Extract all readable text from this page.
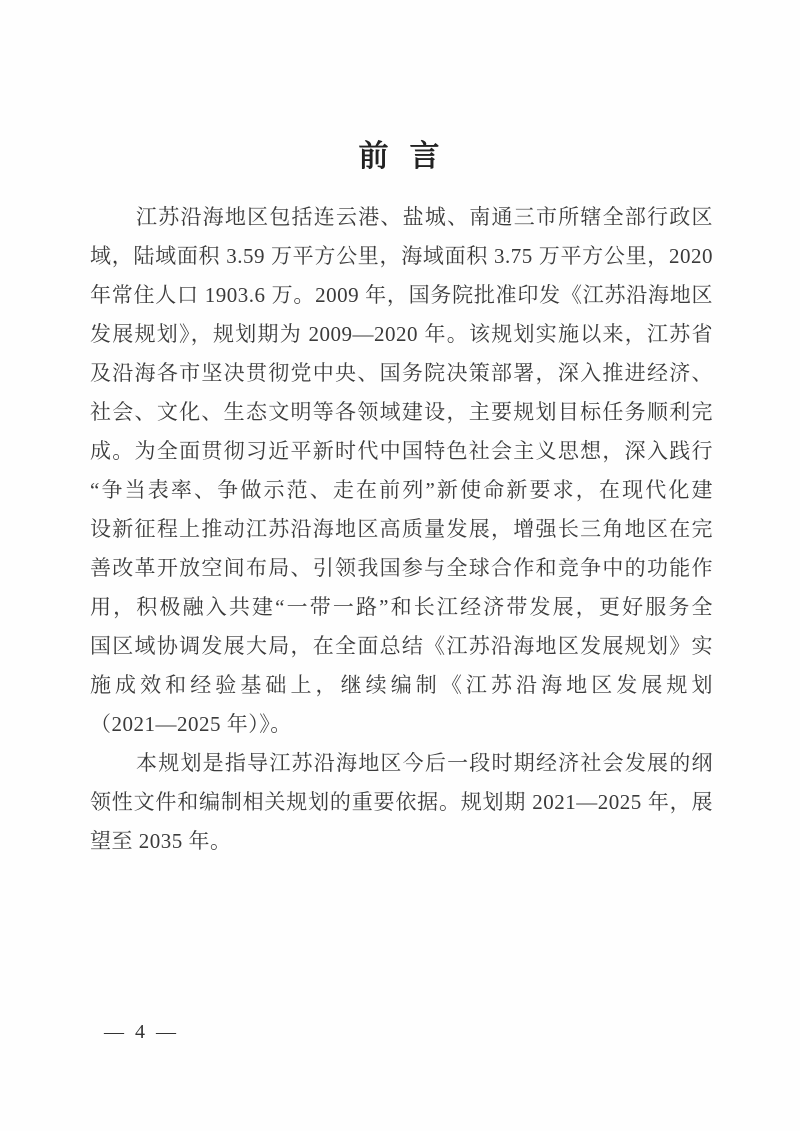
前  言
江苏沿海地区包括连云港、盐城、南通三市所辖全部行政区
域，陆域面积 3.59 万平方公里，海域面积 3.75 万平方公里，2020
年常住人口 1903.6 万。2009 年，国务院批准印发《江苏沿海地区
发展规划》，规划期为 2009—2020 年。该规划实施以来，江苏省
及沿海各市坚决贯彻党中央、国务院决策部署，深入推进经济、
社会、文化、生态文明等各领域建设，主要规划目标任务顺利完
成。为全面贯彻习近平新时代中国特色社会主义思想，深入践行
“争当表率、争做示范、走在前列”新使命新要求，在现代化建
设新征程上推动江苏沿海地区高质量发展，增强长三角地区在完
善改革开放空间布局、引领我国参与全球合作和竞争中的功能作
用，积极融入共建“一带一路”和长江经济带发展，更好服务全
国区域协调发展大局，在全面总结《江苏沿海地区发展规划》实
施成效和经验基础上，继续编制《江苏沿海地区发展规划
（2021—2025 年）》。
本规划是指导江苏沿海地区今后一段时期经济社会发展的纲
领性文件和编制相关规划的重要依据。规划期 2021—2025 年，展
望至 2035 年。
— 4 —
